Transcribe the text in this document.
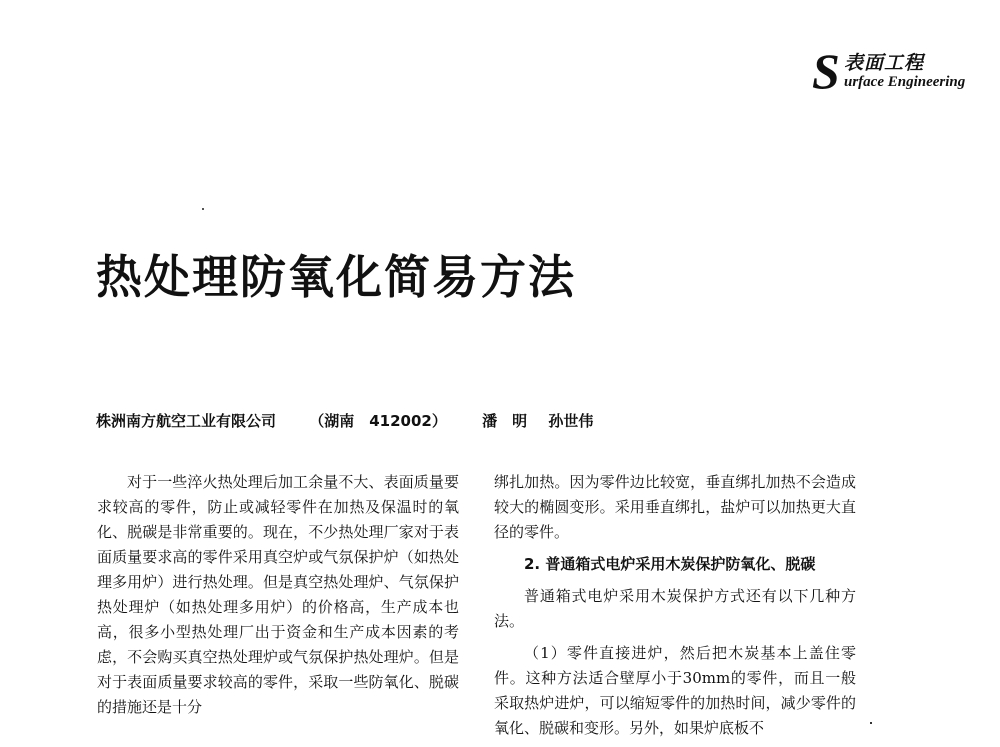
S 表面工程
urface Engineering
热处理防氧化简易方法
株洲南方航空工业有限公司 （湖南　412002） 潘　明 孙世伟

对于一些淬火热处理后加工余量不大、表面质量要求较高的零件，防止或减轻零件在加热及保温时的氧化、脱碳是非常重要的。现在，不少热处理厂家对于表面质量要求高的零件采用真空炉或气氛保护炉（如热处理多用炉）进行热处理。但是真空热处理炉、气氛保护热处理炉（如热处理多用炉）的价格高，生产成本也高，很多小型热处理厂出于资金和生产成本因素的考虑，不会购买真空热处理炉或气氛保护热处理炉。但是对于表面质量要求较高的零件，采取一些防氧化、脱碳的措施还是十分

绑扎加热。因为零件边比较宽，垂直绑扎加热不会造成较大的椭圆变形。采用垂直绑扎，盐炉可以加热更大直径的零件。

2. 普通箱式电炉采用木炭保护防氧化、脱碳

普通箱式电炉采用木炭保护方式还有以下几种方法。

（1）零件直接进炉，然后把木炭基本上盖住零件。这种方法适合壁厚小于30mm的零件，而且一般采取热炉进炉，可以缩短零件的加热时间，减少零件的氧化、脱碳和变形。另外，如果炉底板不
